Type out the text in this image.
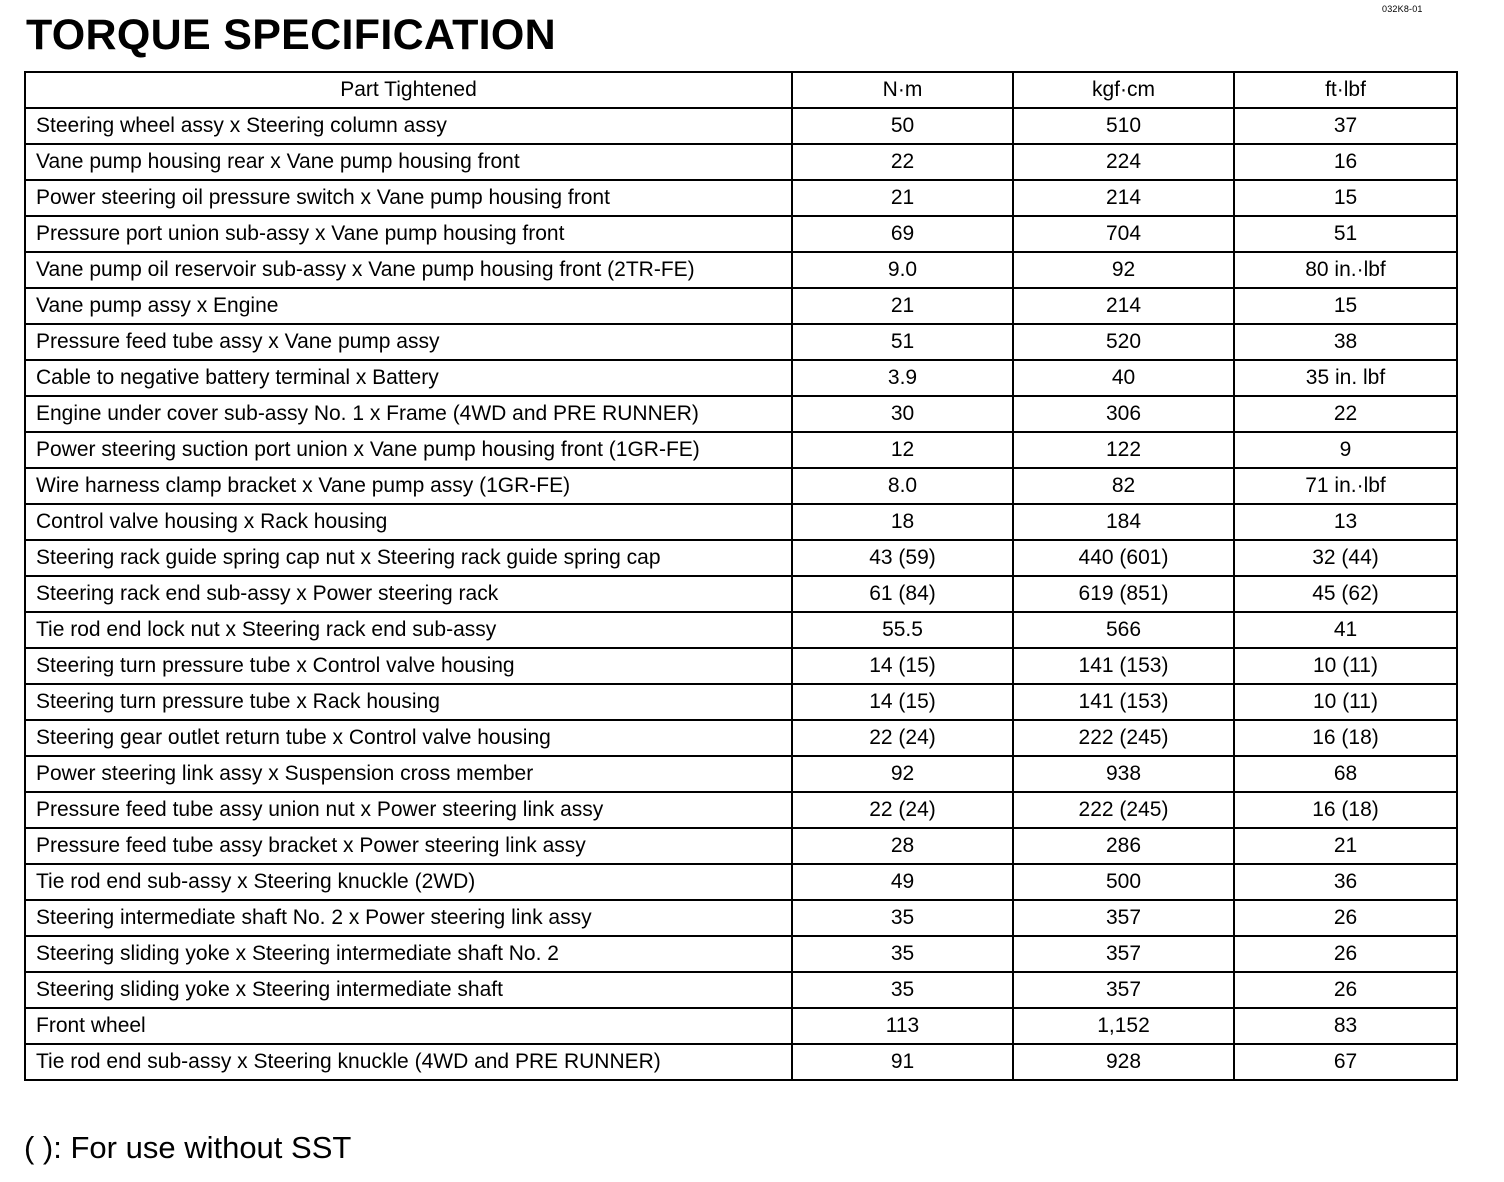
032K8-01
TORQUE SPECIFICATION
Part Tightened	N·m	kgf·cm	ft·lbf
Steering wheel assy x Steering column assy	50	510	37
Vane pump housing rear x Vane pump housing front	22	224	16
Power steering oil pressure switch x Vane pump housing front	21	214	15
Pressure port union sub-assy x Vane pump housing front	69	704	51
Vane pump oil reservoir sub-assy x Vane pump housing front (2TR-FE)	9.0	92	80 in.·lbf
Vane pump assy x Engine	21	214	15
Pressure feed tube assy x Vane pump assy	51	520	38
Cable to negative battery terminal x Battery	3.9	40	35 in. lbf
Engine under cover sub-assy No. 1 x Frame (4WD and PRE RUNNER)	30	306	22
Power steering suction port union x Vane pump housing front (1GR-FE)	12	122	9
Wire harness clamp bracket x Vane pump assy (1GR-FE)	8.0	82	71 in.·lbf
Control valve housing x Rack housing	18	184	13
Steering rack guide spring cap nut x Steering rack guide spring cap	43 (59)	440 (601)	32 (44)
Steering rack end sub-assy x Power steering rack	61 (84)	619 (851)	45 (62)
Tie rod end lock nut x Steering rack end sub-assy	55.5	566	41
Steering turn pressure tube x Control valve housing	14 (15)	141 (153)	10 (11)
Steering turn pressure tube x Rack housing	14 (15)	141 (153)	10 (11)
Steering gear outlet return tube x Control valve housing	22 (24)	222 (245)	16 (18)
Power steering link assy x Suspension cross member	92	938	68
Pressure feed tube assy union nut x Power steering link assy	22 (24)	222 (245)	16 (18)
Pressure feed tube assy bracket x Power steering link assy	28	286	21
Tie rod end sub-assy x Steering knuckle (2WD)	49	500	36
Steering intermediate shaft No. 2 x Power steering link assy	35	357	26
Steering sliding yoke x Steering intermediate shaft No. 2	35	357	26
Steering sliding yoke x Steering intermediate shaft	35	357	26
Front wheel	113	1,152	83
Tie rod end sub-assy x Steering knuckle (4WD and PRE RUNNER)	91	928	67
( ): For use without SST
